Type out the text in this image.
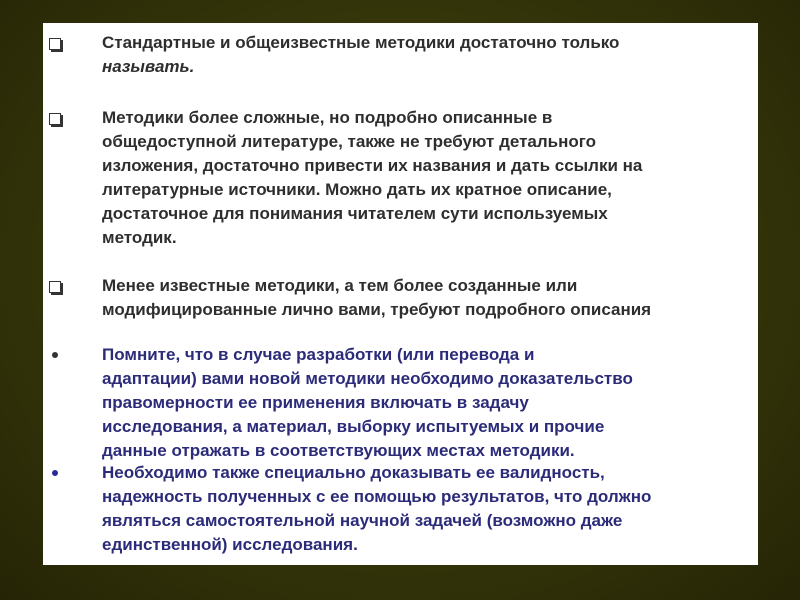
Стандартные и общеизвестные методики достаточно только
называть.
Методики более сложные, но подробно описанные в
общедоступной литературе, также не требуют детального
изложения, достаточно привести их названия и дать ссылки на
литературные источники. Можно дать их кратное описание,
достаточное для понимания читателем сути используемых
методик.
Менее известные методики, а тем более созданные или
модифицированные лично вами, требуют подробного описания
Помните, что в случае разработки (или перевода и
адаптации) вами новой методики необходимо доказательство
правомерности ее применения включать в задачу
исследования, а материал, выборку испытуемых и прочие
данные отражать в соответствующих местах методики.
Необходимо также специально доказывать ее валидность,
надежность полученных с ее помощью результатов, что должно
являться самостоятельной научной задачей (возможно даже
единственной) исследования.
